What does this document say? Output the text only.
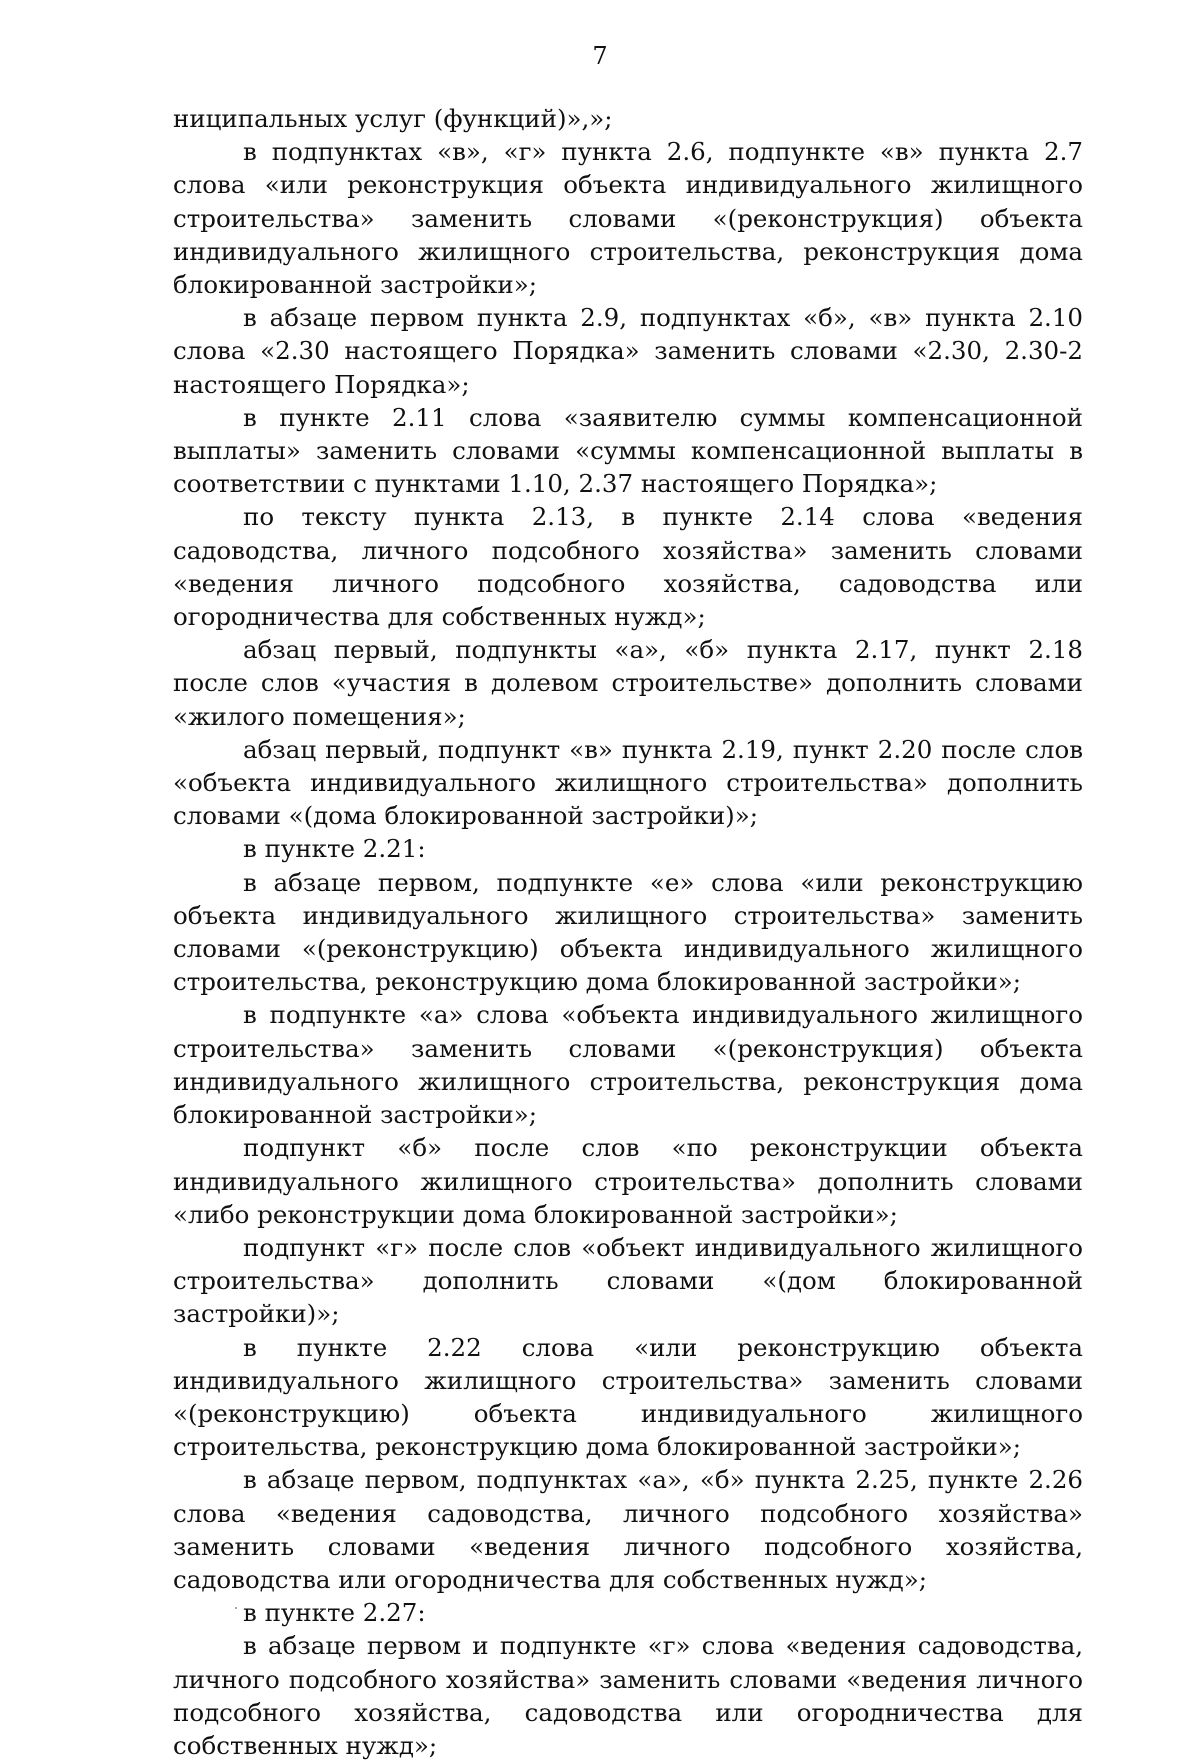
7

ниципальных услуг (функций)»,»;

в подпунктах «в», «г» пункта 2.6, подпункте «в» пункта 2.7 слова «или реконструкция объекта индивидуального жилищного строительства» заменить словами «(реконструкция) объекта индивидуального жилищного строительства, реконструкция дома блокированной застройки»;

в абзаце первом пункта 2.9, подпунктах «б», «в» пункта 2.10 слова «2.30 настоящего Порядка» заменить словами «2.30, 2.30-2 настоящего Порядка»;

в пункте 2.11 слова «заявителю суммы компенсационной выплаты» заменить словами «суммы компенсационной выплаты в соответствии с пунктами 1.10, 2.37 настоящего Порядка»;

по тексту пункта 2.13, в пункте 2.14 слова «ведения садоводства, личного подсобного хозяйства» заменить словами «ведения личного подсобного хозяйства, садоводства или огородничества для собственных нужд»;

абзац первый, подпункты «а», «б» пункта 2.17, пункт 2.18 после слов «участия в долевом строительстве» дополнить словами «жилого помещения»;

абзац первый, подпункт «в» пункта 2.19, пункт 2.20 после слов «объекта индивидуального жилищного строительства» дополнить словами «(дома блокированной застройки)»;

в пункте 2.21:

в абзаце первом, подпункте «е» слова «или реконструкцию объекта индивидуального жилищного строительства» заменить словами «(реконструкцию) объекта индивидуального жилищного строительства, реконструкцию дома блокированной застройки»;

в подпункте «а» слова «объекта индивидуального жилищного строительства» заменить словами «(реконструкция) объекта индивидуального жилищного строительства, реконструкция дома блокированной застройки»;

подпункт «б» после слов «по реконструкции объекта индивидуального жилищного строительства» дополнить словами «либо реконструкции дома блокированной застройки»;

подпункт «г» после слов «объект индивидуального жилищного строительства» дополнить словами «(дом блокированной застройки)»;

в пункте 2.22 слова «или реконструкцию объекта индивидуального жилищного строительства» заменить словами «(реконструкцию) объекта индивидуального жилищного строительства, реконструкцию дома блокированной застройки»;

в абзаце первом, подпунктах «а», «б» пункта 2.25, пункте 2.26 слова «ведения садоводства, личного подсобного хозяйства» заменить словами «ведения личного подсобного хозяйства, садоводства или огородничества для собственных нужд»;

в пункте 2.27:

в абзаце первом и подпункте «г» слова «ведения садоводства, личного подсобного хозяйства» заменить словами «ведения личного подсобного хозяйства, садоводства или огородничества для собственных нужд»;
